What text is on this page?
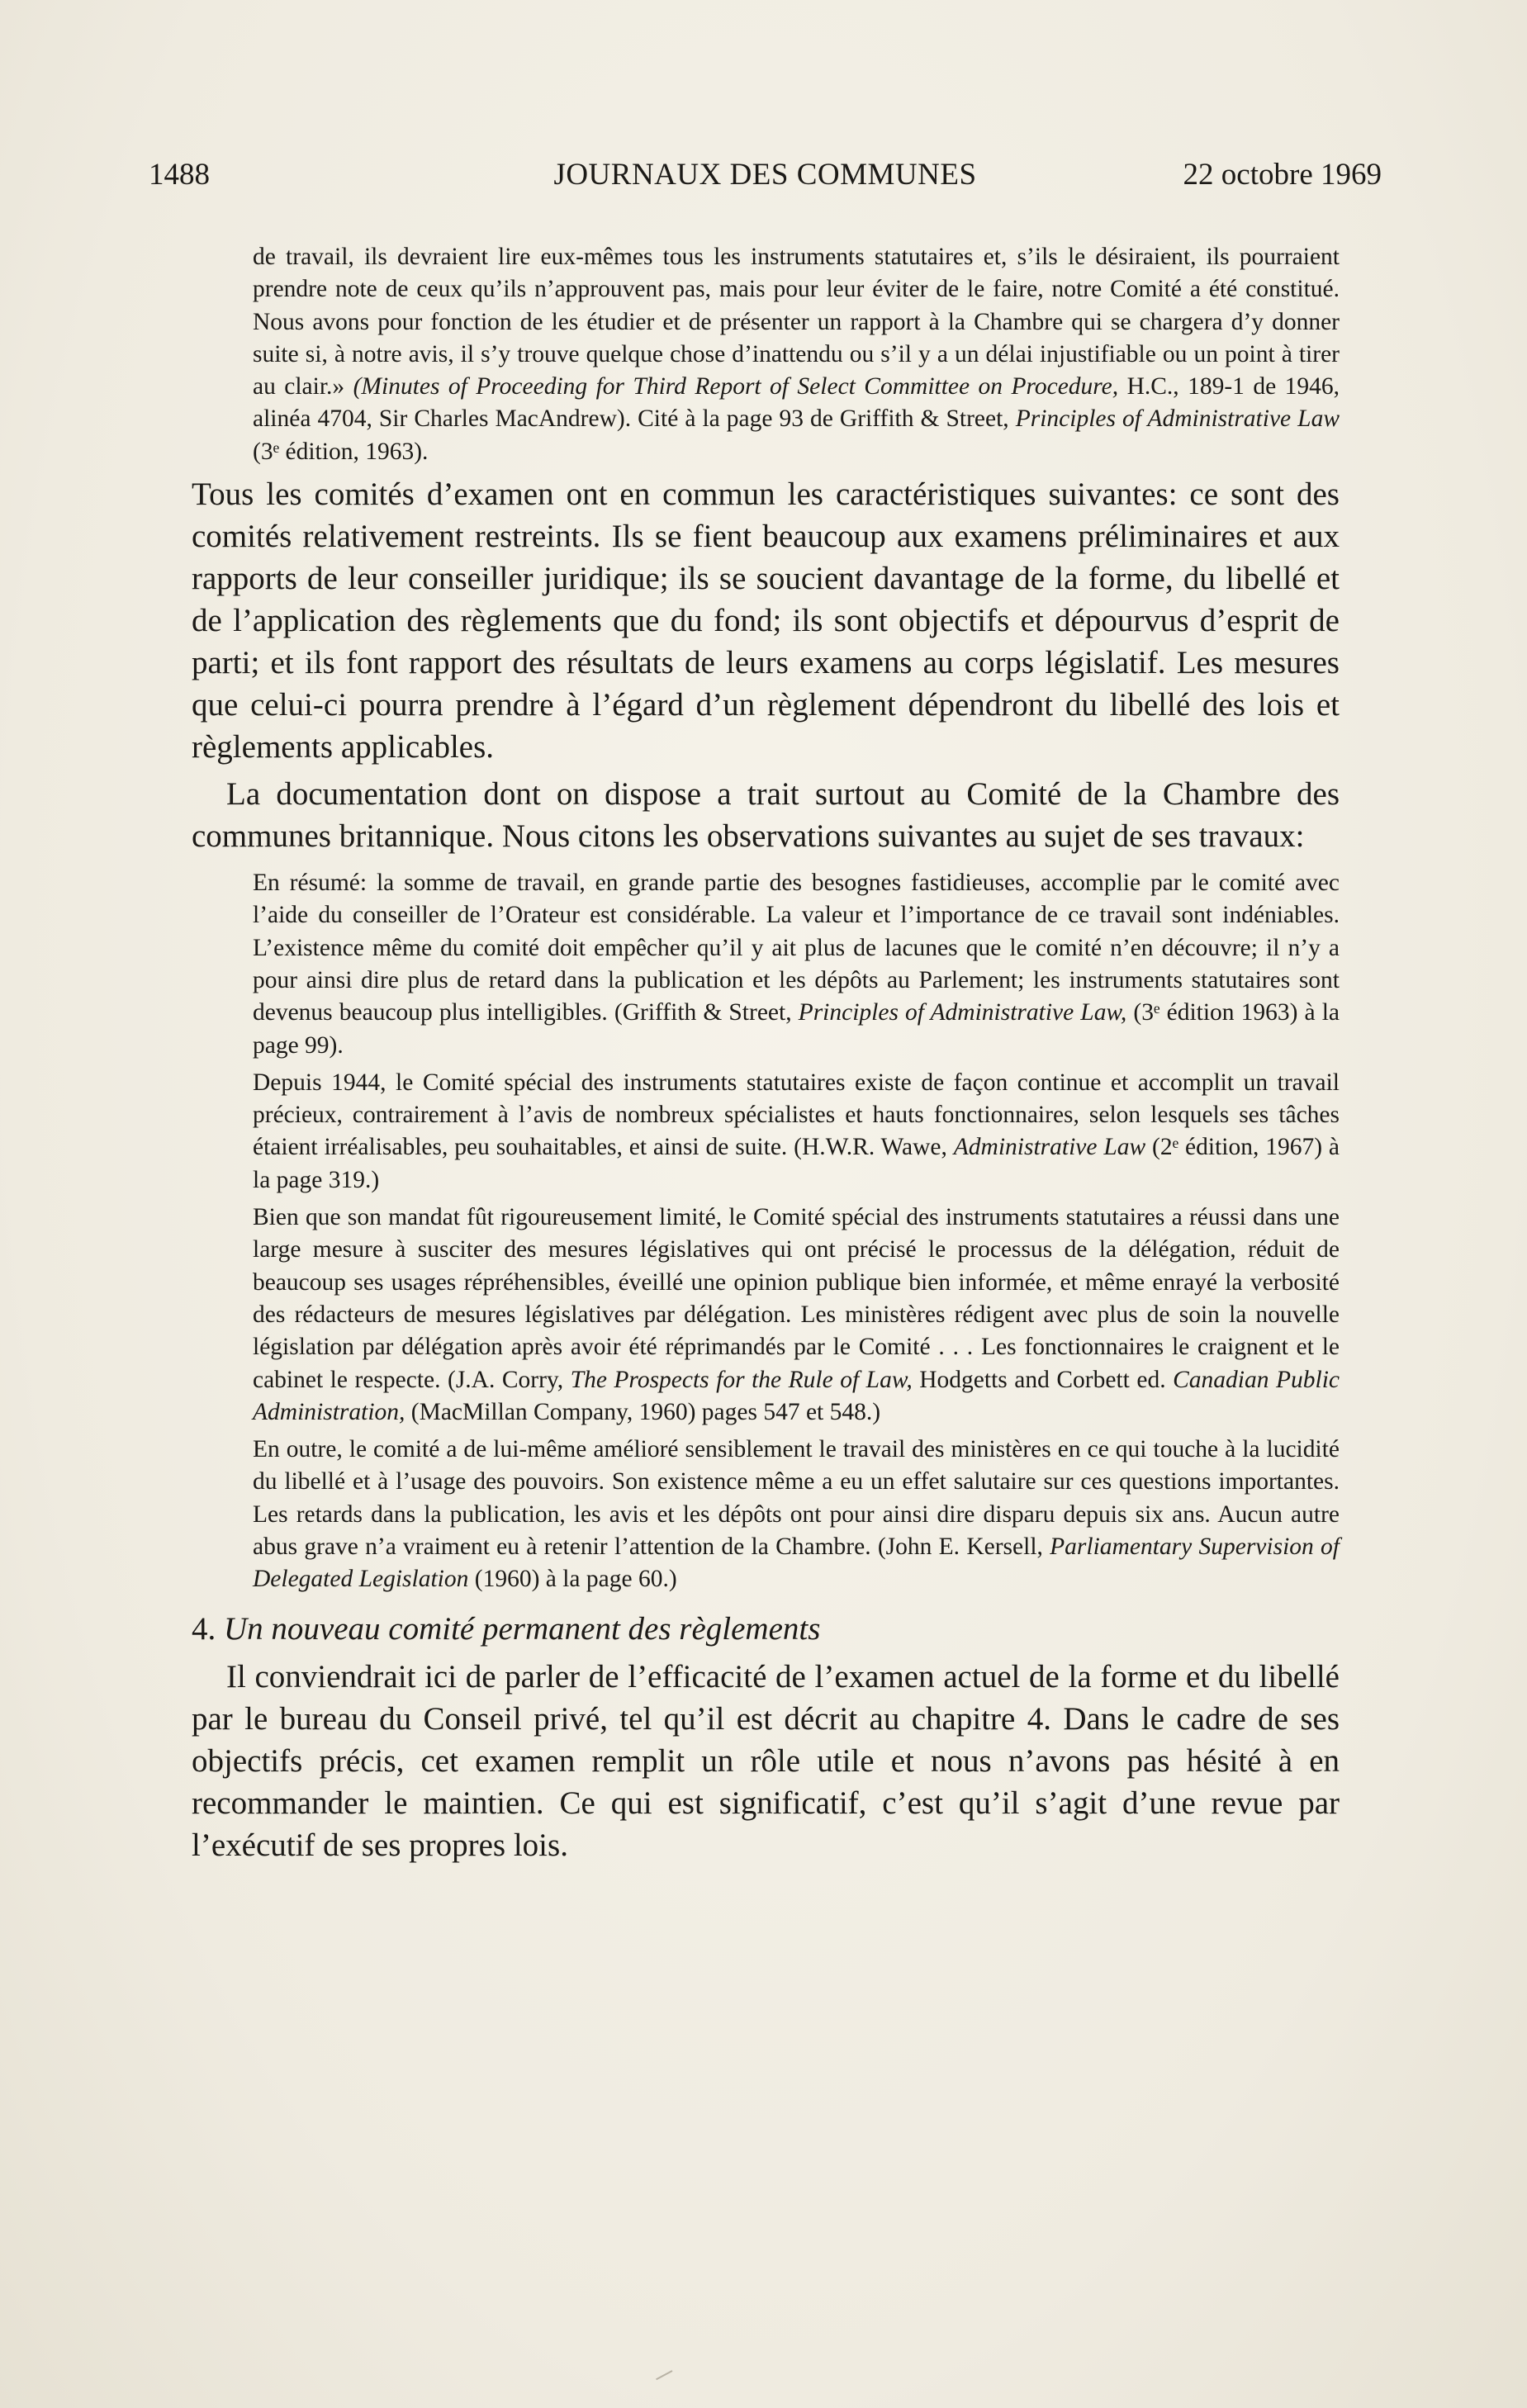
1488	JOURNAUX DES COMMUNES	22 octobre 1969

de travail, ils devraient lire eux-mêmes tous les instruments statutaires et, s’ils le désiraient, ils pourraient prendre note de ceux qu’ils n’approuvent pas, mais pour leur éviter de le faire, notre Comité a été constitué. Nous avons pour fonction de les étudier et de présenter un rapport à la Chambre qui se chargera d’y donner suite si, à notre avis, il s’y trouve quelque chose d’inattendu ou s’il y a un délai injustifiable ou un point à tirer au clair.» (Minutes of Proceeding for Third Report of Select Committee on Procedure, H.C., 189-1 de 1946, alinéa 4704, Sir Charles MacAndrew). Cité à la page 93 de Griffith & Street, Principles of Administrative Law (3ᵉ édition, 1963).

Tous les comités d’examen ont en commun les caractéristiques suivantes: ce sont des comités relativement restreints. Ils se fient beaucoup aux examens préliminaires et aux rapports de leur conseiller juridique; ils se soucient davantage de la forme, du libellé et de l’application des règlements que du fond; ils sont objectifs et dépourvus d’esprit de parti; et ils font rapport des résultats de leurs examens au corps législatif. Les mesures que celui-ci pourra prendre à l’égard d’un règlement dépendront du libellé des lois et règlements applicables.

La documentation dont on dispose a trait surtout au Comité de la Chambre des communes britannique. Nous citons les observations suivantes au sujet de ses travaux:

En résumé: la somme de travail, en grande partie des besognes fastidieuses, accomplie par le comité avec l’aide du conseiller de l’Orateur est considérable. La valeur et l’importance de ce travail sont indéniables. L’existence même du comité doit empêcher qu’il y ait plus de lacunes que le comité n’en découvre; il n’y a pour ainsi dire plus de retard dans la publication et les dépôts au Parlement; les instruments statutaires sont devenus beaucoup plus intelligibles. (Griffith & Street, Principles of Administrative Law, (3ᵉ édition 1963) à la page 99).

Depuis 1944, le Comité spécial des instruments statutaires existe de façon continue et accomplit un travail précieux, contrairement à l’avis de nombreux spécialistes et hauts fonctionnaires, selon lesquels ses tâches étaient irréalisables, peu souhaitables, et ainsi de suite. (H.W.R. Wawe, Administrative Law (2ᵉ édition, 1967) à la page 319.)

Bien que son mandat fût rigoureusement limité, le Comité spécial des instruments statutaires a réussi dans une large mesure à susciter des mesures législatives qui ont précisé le processus de la délégation, réduit de beaucoup ses usages répréhensibles, éveillé une opinion publique bien informée, et même enrayé la verbosité des rédacteurs de mesures législatives par délégation. Les ministères rédigent avec plus de soin la nouvelle législation par délégation après avoir été réprimandés par le Comité . . . Les fonctionnaires le craignent et le cabinet le respecte. (J.A. Corry, The Prospects for the Rule of Law, Hodgetts and Corbett ed. Canadian Public Administration, (MacMillan Company, 1960) pages 547 et 548.)

En outre, le comité a de lui-même amélioré sensiblement le travail des ministères en ce qui touche à la lucidité du libellé et à l’usage des pouvoirs. Son existence même a eu un effet salutaire sur ces questions importantes. Les retards dans la publication, les avis et les dépôts ont pour ainsi dire disparu depuis six ans. Aucun autre abus grave n’a vraiment eu à retenir l’attention de la Chambre. (John E. Kersell, Parliamentary Supervision of Delegated Legislation (1960) à la page 60.)

4. Un nouveau comité permanent des règlements

Il conviendrait ici de parler de l’efficacité de l’examen actuel de la forme et du libellé par le bureau du Conseil privé, tel qu’il est décrit au chapitre 4. Dans le cadre de ses objectifs précis, cet examen remplit un rôle utile et nous n’avons pas hésité à en recommander le maintien. Ce qui est significatif, c’est qu’il s’agit d’une revue par l’exécutif de ses propres lois.
